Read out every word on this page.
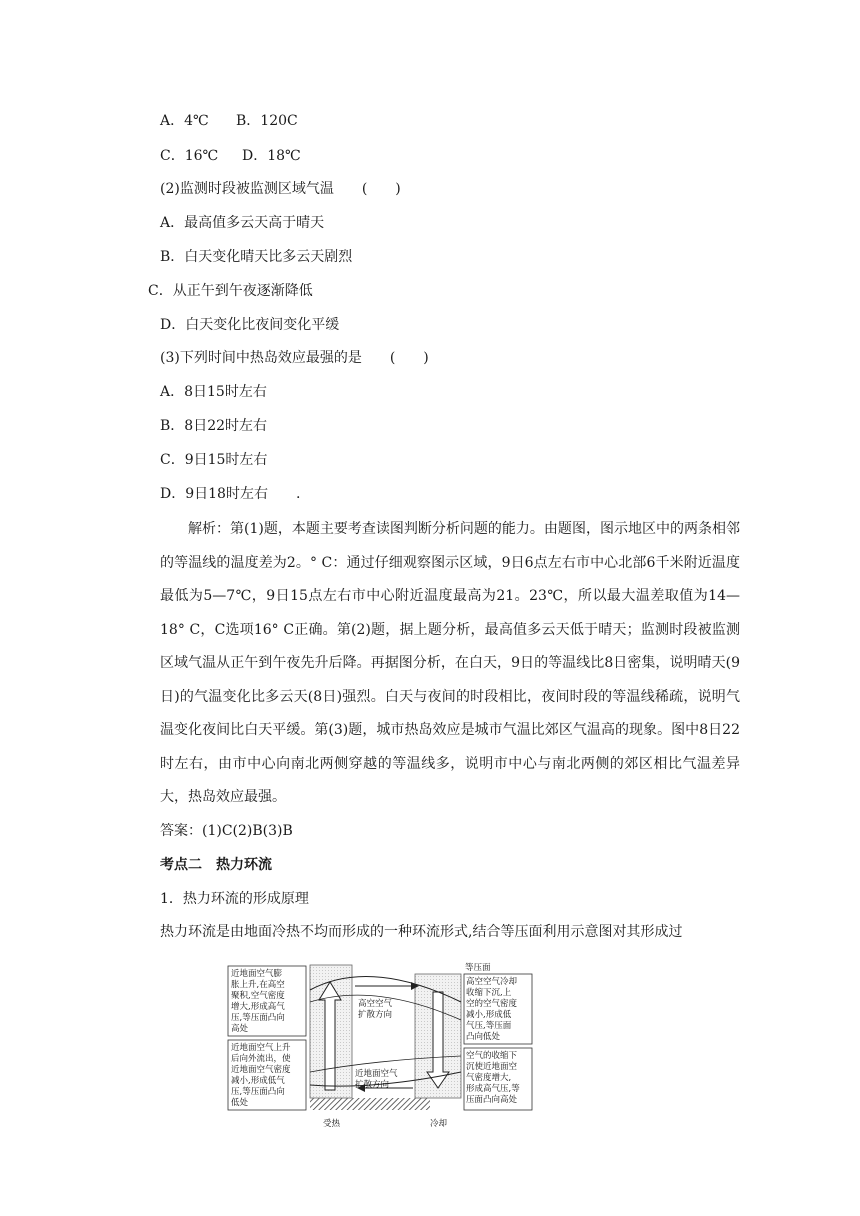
A．4℃ B．120C
C．16℃ D．18℃
(2)监测时段被监测区域气温　　(　　)
A．最高值多云天高于晴天
B．白天变化晴天比多云天剧烈
C．从正午到午夜逐渐降低
D．白天变化比夜间变化平缓
(3)下列时间中热岛效应最强的是　　(　　)
A．8日15时左右
B．8日22时左右
C．9日15时左右
D．9日18时左右　　.
解析：第(1)题，本题主要考查读图判断分析问题的能力。由题图，图示地区中的两条相邻的等温线的温度差为2。° C：通过仔细观察图示区域，9日6点左右市中心北部6千米附近温度最低为5—7℃，9日15点左右市中心附近温度最高为21。23℃，所以最大温差取值为14—18° C，C选项16° C正确。第(2)题，据上题分析，最高值多云天低于晴天；监测时段被监测区域气温从正午到午夜先升后降。再据图分析，在白天，9日的等温线比8日密集，说明晴天(9日)的气温变化比多云天(8日)强烈。白天与夜间的时段相比，夜间时段的等温线稀疏，说明气温变化夜间比白天平缓。第(3)题，城市热岛效应是城市气温比郊区气温高的现象。图中8日22时左右，由市中心向南北两侧穿越的等温线多，说明市中心与南北两侧的郊区相比气温差异大，热岛效应最强。
答案：(1)C(2)B(3)B
考点二　热力环流
1．热力环流的形成原理
热力环流是由地面冷热不均而形成的一种环流形式,结合等压面利用示意图对其形成过
近地面空气膨 胀上升,在高空 聚积,空气密度 增大,形成高气 压,等压面凸向 高处
近地面空气上升 后向外流出，使 近地面空气密度 减小,形成低气 压,等压面凸向 低处
高空空气 扩散方向
近地面空气 扩散方向
等压面
高空空气冷却 收缩下沉,上 空的空气密度 减小,形成低 气压,等压面 凸向低处
空气的收缩下 沉使近地面空 气密度增大, 形成高气压,等 压面凸向高处
受热	冷却
